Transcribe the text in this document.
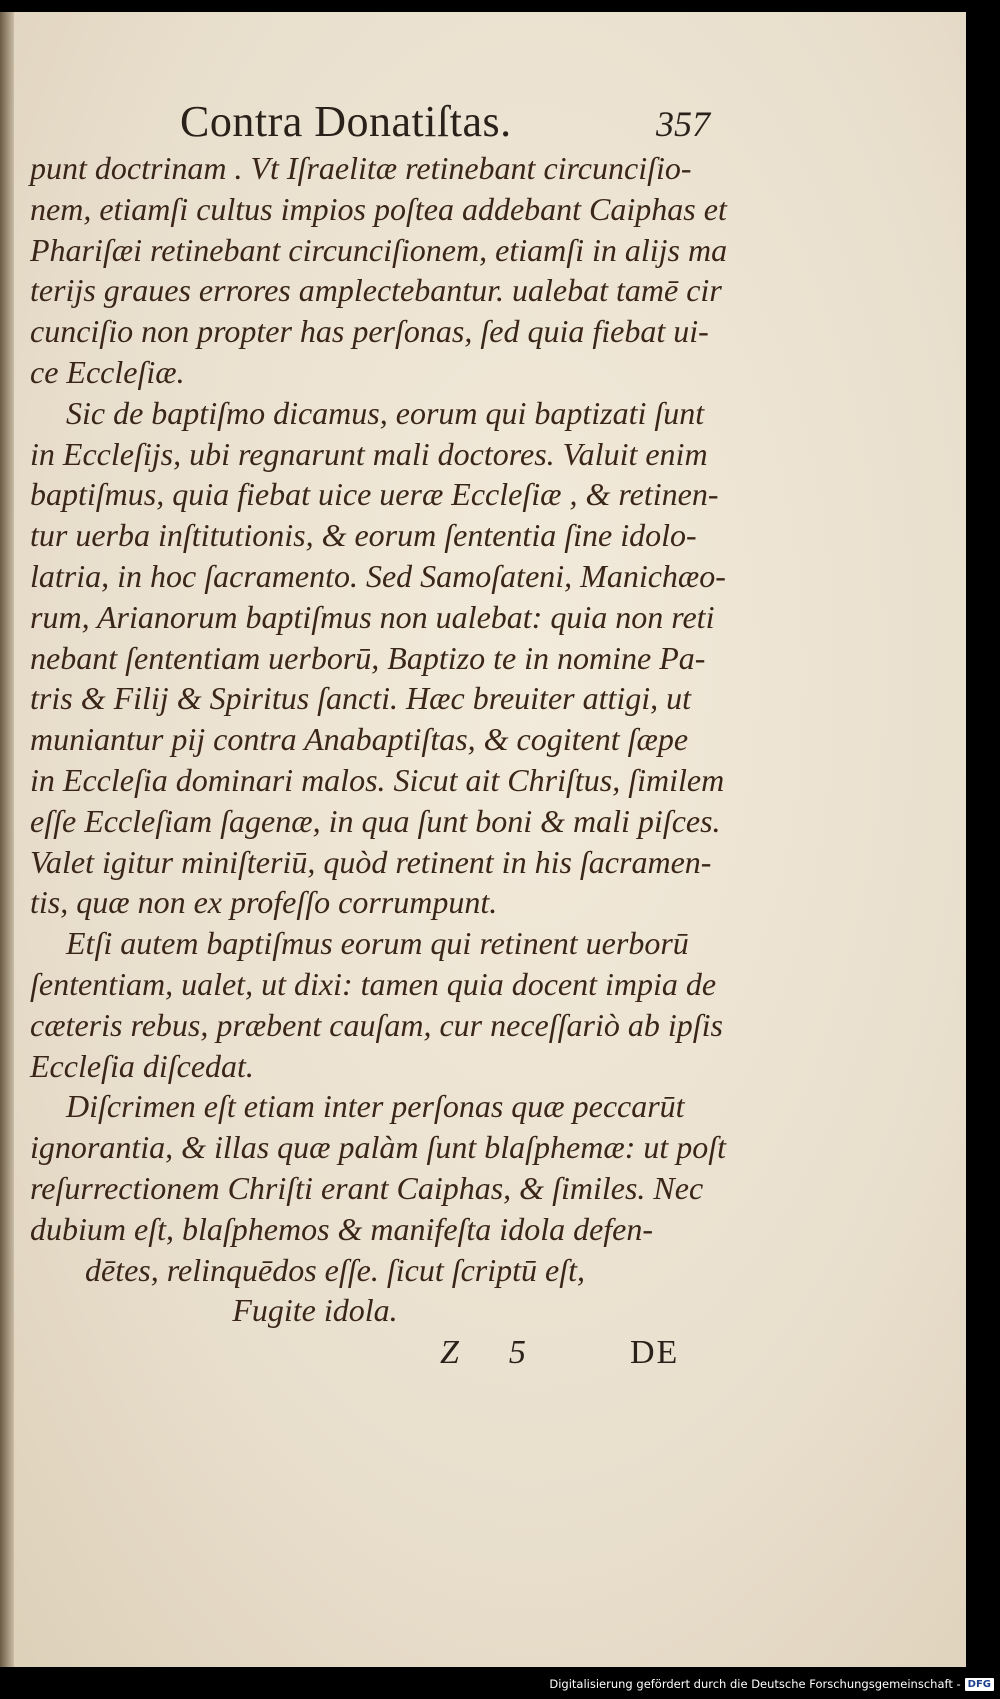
Contra Donatiſtas.	357
punt doctrinam . Vt Iſraelitæ retinebant circunciſio-
nem, etiamſi cultus impios poſtea addebant Caiphas et
Phariſæi retinebant circunciſionem, etiamſi in alijs ma
terijs graues errores amplectebantur. ualebat tamē cir
cunciſio non propter has perſonas, ſed quia fiebat ui-
ce Eccleſiæ.
Sic de baptiſmo dicamus, eorum qui baptizati ſunt
in Eccleſijs, ubi regnarunt mali doctores. Valuit enim
baptiſmus, quia fiebat uice ueræ Eccleſiæ , & retinen-
tur uerba inſtitutionis, & eorum ſententia ſine idolo-
latria, in hoc ſacramento. Sed Samoſateni, Manichæo-
rum, Arianorum baptiſmus non ualebat: quia non reti
nebant ſententiam uerborū, Baptizo te in nomine Pa-
tris & Filij & Spiritus ſancti. Hæc breuiter attigi, ut
muniantur pij contra Anabaptiſtas, & cogitent ſæpe
in Eccleſia dominari malos. Sicut ait Chriſtus, ſimilem
eſſe Eccleſiam ſagenæ, in qua ſunt boni & mali piſces.
Valet igitur miniſteriū, quòd retinent in his ſacramen-
tis, quæ non ex profeſſo corrumpunt.
Etſi autem baptiſmus eorum qui retinent uerborū
ſententiam, ualet, ut dixi: tamen quia docent impia de
cæteris rebus, præbent cauſam, cur neceſſariò ab ipſis
Eccleſia diſcedat.
Diſcrimen eſt etiam inter perſonas quæ peccarūt
ignorantia, & illas quæ palàm ſunt blaſphemæ: ut poſt
reſurrectionem Chriſti erant Caiphas, & ſimiles. Nec
dubium eſt, blaſphemos & manifeſta idola defen-
dētes, relinquēdos eſſe. ſicut ſcriptū eſt,
Fugite idola.
Z 5	DE
Digitalisierung gefördert durch die Deutsche Forschungsgemeinschaft - DFG
